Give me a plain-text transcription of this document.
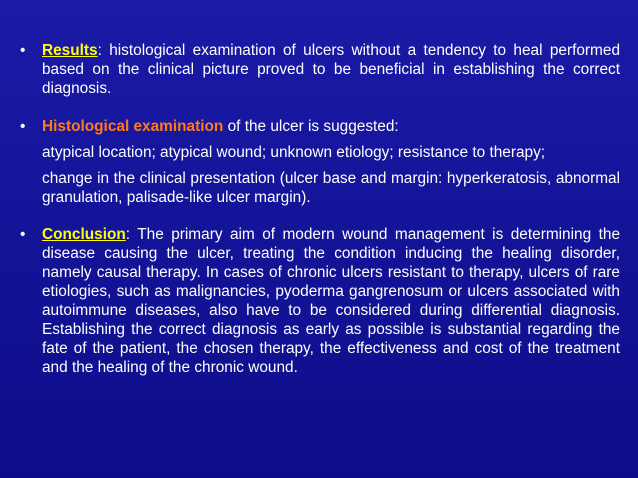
•	Results: histological examination of ulcers without a tendency to heal performed based on the clinical picture proved to be beneficial in establishing the correct diagnosis.
•	Histological examination of the ulcer is suggested:
atypical location; atypical wound; unknown etiology; resistance to therapy;
change in the clinical presentation (ulcer base and margin: hyperkeratosis, abnormal granulation, palisade-like ulcer margin).
•	Conclusion: The primary aim of modern wound management is determining the disease causing the ulcer, treating the condition inducing the healing disorder, namely causal therapy. In cases of chronic ulcers resistant to therapy, ulcers of rare etiologies, such as malignancies, pyoderma gangrenosum or ulcers associated with autoimmune diseases, also have to be considered during differential diagnosis. Establishing the correct diagnosis as early as possible is substantial regarding the fate of the patient, the chosen therapy, the effectiveness and cost of the treatment and the healing of the chronic wound.
